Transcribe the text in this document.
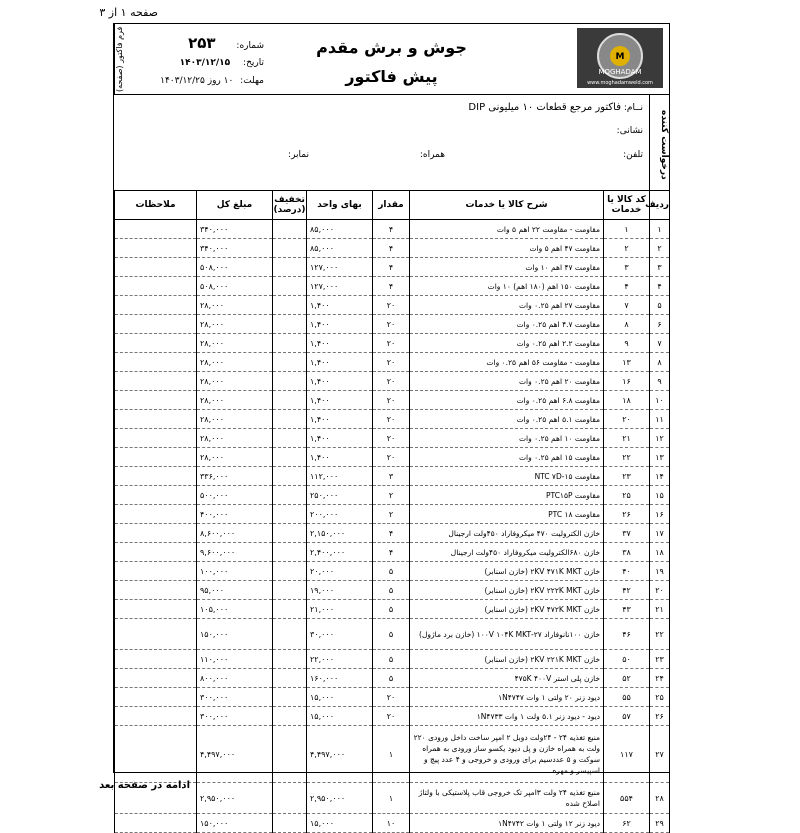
صفحه ۱ از ۳
فرم فاکتور (صفحه)	شماره: ۲۵۳
تاریخ: ۱۴۰۳/۱۲/۱۵
مهلت: ۱۰ روز ۱۴۰۳/۱۲/۲۵
جوش و برش مقدم
پیش فاکتور
M
MOGHADAM
www.moghadamweld.com
درخواست کننده
نــام: فاکتور مرجع قطعات ۱۰ میلیونی DIP
نشانی:
تلفن:
همراه:
نمابر:
ردیف	کد کالا یا خدمات	شرح کالا یا خدمات	مقدار	بهای واحد	تخفیف (درصد)	مبلغ کل	ملاحظات
۱	۱	مقاومت - مقاومت ۲۲ اهم ۵ وات	۴	۸۵,۰۰۰		۳۴۰,۰۰۰	
۲	۲	مقاومت ۴۷ اهم ۵ وات	۴	۸۵,۰۰۰		۳۴۰,۰۰۰	
۳	۳	مقاومت ۴۷ اهم ۱۰ وات	۴	۱۲۷,۰۰۰		۵۰۸,۰۰۰	
۴	۴	مقاومت ۱۵۰ اهم (۱۸۰ اهم) ۱۰ وات	۴	۱۲۷,۰۰۰		۵۰۸,۰۰۰	
۵	۷	مقاومت ۲۷ اهم ۰.۲۵ وات	۲۰	۱,۴۰۰		۲۸,۰۰۰	
۶	۸	مقاومت ۴.۷ اهم ۰.۲۵ وات	۲۰	۱,۴۰۰		۲۸,۰۰۰	
۷	۹	مقاومت ۲.۲ اهم ۰.۲۵ وات	۲۰	۱,۴۰۰		۲۸,۰۰۰	
۸	۱۳	مقاومت - مقاومت ۵۶ اهم ۰.۲۵ وات	۲۰	۱,۴۰۰		۲۸,۰۰۰	
۹	۱۶	مقاومت ۲۰ اهم ۰.۲۵ وات	۲۰	۱,۴۰۰		۲۸,۰۰۰	
۱۰	۱۸	مقاومت ۶.۸ اهم ۰.۲۵ وات	۲۰	۱,۴۰۰		۲۸,۰۰۰	
۱۱	۲۰	مقاومت ۵.۱ اهم ۰.۲۵ وات	۲۰	۱,۴۰۰		۲۸,۰۰۰	
۱۲	۲۱	مقاومت ۱۰ اهم ۰.۲۵ وات	۲۰	۱,۴۰۰		۲۸,۰۰۰	
۱۳	۲۲	مقاومت ۱۵ اهم ۰.۲۵ وات	۲۰	۱,۴۰۰		۲۸,۰۰۰	
۱۴	۲۳	مقاومت NTC ۷D-۱۵	۳	۱۱۲,۰۰۰		۳۳۶,۰۰۰	
۱۵	۲۵	مقاومت PTC۱۵P	۲	۲۵۰,۰۰۰		۵۰۰,۰۰۰	
۱۶	۲۶	مقاومت ۱۸ PTC	۲	۲۰۰,۰۰۰		۴۰۰,۰۰۰	
۱۷	۳۷	خازن الکترولیت ۴۷۰ میکروفاراد ۴۵۰ولت ارجینال	۴	۲,۱۵۰,۰۰۰		۸,۶۰۰,۰۰۰	
۱۸	۳۸	خازن ۶۸۰الکترولیت میکروفاراد ۴۵۰ولت ارجینال	۴	۲,۴۰۰,۰۰۰		۹,۶۰۰,۰۰۰	
۱۹	۴۰	خازن ۲KV ۴۷۱K MKT (خازن اسنابر)	۵	۲۰,۰۰۰		۱۰۰,۰۰۰	
۲۰	۴۲	خازن ۲KV ۲۲۲K MKT (خازن اسنابر)	۵	۱۹,۰۰۰		۹۵,۰۰۰	
۲۱	۴۳	خازن ۲KV ۴۷۲K MKT (خازن اسنابر)	۵	۲۱,۰۰۰		۱۰۵,۰۰۰	
۲۲	۴۶	خازن ۱۰۰نانوفاراد ۲۷-۱۰۰V ۱۰۴K MKT (خازن برد ماژول)	۵	۳۰,۰۰۰		۱۵۰,۰۰۰	
۲۳	۵۰	خازن ۲KV ۲۲۱K MKT (خازن اسنابر)	۵	۲۲,۰۰۰		۱۱۰,۰۰۰	
۲۴	۵۲	خازن پلی استر ۴۷۵K ۴۰۰V	۵	۱۶۰,۰۰۰		۸۰۰,۰۰۰	
۲۵	۵۵	دیود زنر ۲۰ ولتی ۱ وات ۱N۴۷۴۷	۲۰	۱۵,۰۰۰		۳۰۰,۰۰۰	
۲۶	۵۷	دیود - دیود زنر ۵.۱ ولت ۱ وات ۱N۴۷۳۳	۲۰	۱۵,۰۰۰		۳۰۰,۰۰۰	
۲۷	۱۱۷	منبع تغذیه ۲۴ - ۲۴ولت دوبل ۲ امپر ساخت داخل ورودی ۲۲۰ ولت به همراه خازن و پل دیود یکسو ساز ورودی به همراه سوکت و ۵ عددسیم برای ورودی و خروجی و ۴ عدد پیچ و اسپیسر و مهره	۱	۴,۴۹۷,۰۰۰		۴,۴۹۷,۰۰۰	
۲۸	۵۵۴	منبع تغذیه ۲۴ ولت ۳امپر تک خروجی قاب پلاستیکی با ولتاژ اصلاح شده	۱	۲,۹۵۰,۰۰۰		۲,۹۵۰,۰۰۰	
۲۹	۶۲	دیود زنر ۱۲ ولتی ۱ وات ۱N۴۷۴۲	۱۰	۱۵,۰۰۰		۱۵۰,۰۰۰	
ادامه در صفحه بعد
